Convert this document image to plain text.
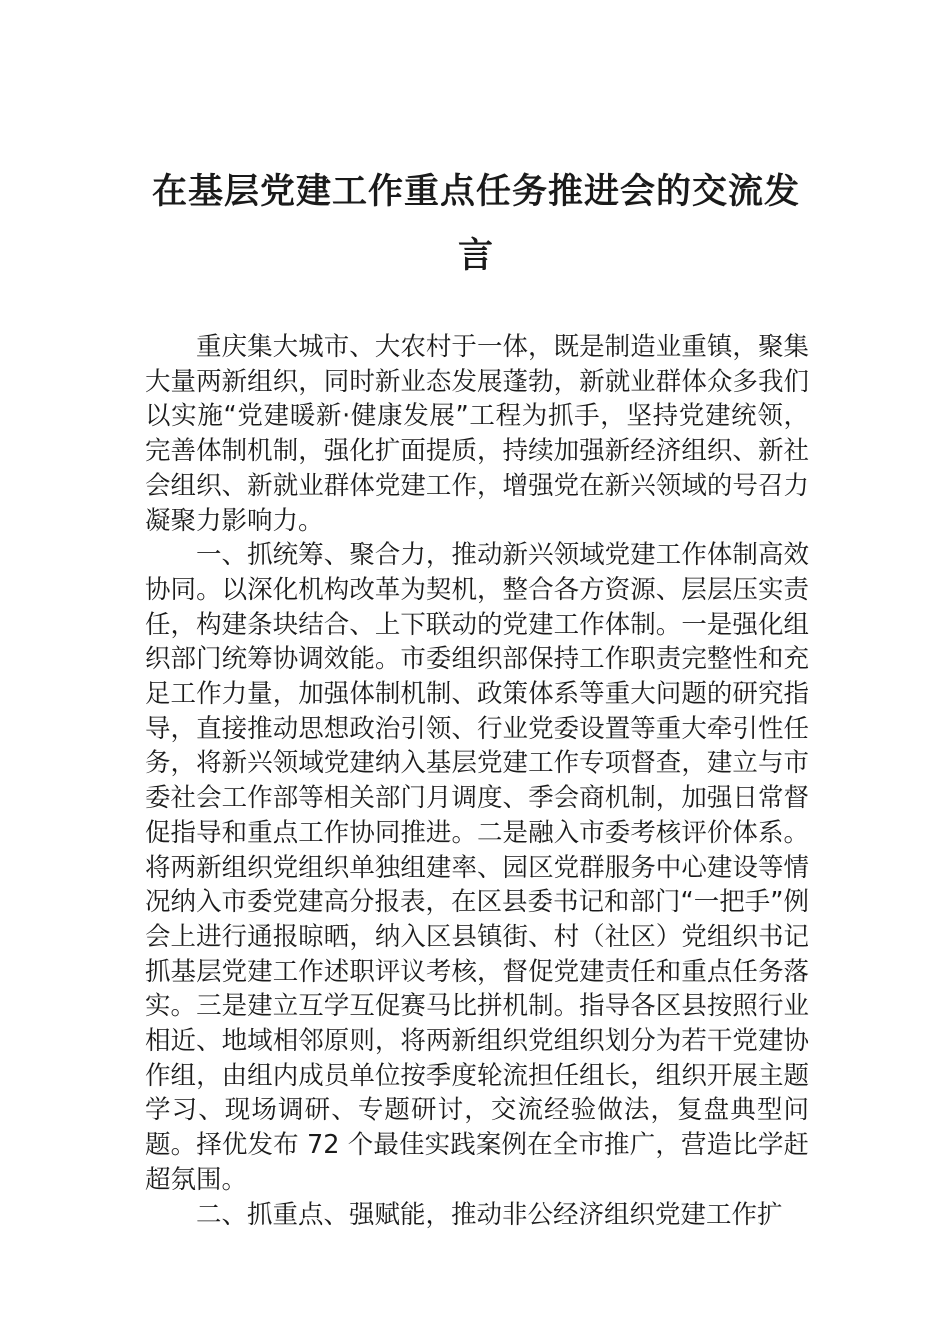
在基层党建工作重点任务推进会的交流发言

重庆集大城市、大农村于一体，既是制造业重镇，聚集大量两新组织，同时新业态发展蓬勃，新就业群体众多我们以实施“党建暖新·健康发展”工程为抓手，坚持党建统领，完善体制机制，强化扩面提质，持续加强新经济组织、新社会组织、新就业群体党建工作，增强党在新兴领域的号召力凝聚力影响力。

一、抓统筹、聚合力，推动新兴领域党建工作体制高效协同。以深化机构改革为契机，整合各方资源、层层压实责任，构建条块结合、上下联动的党建工作体制。一是强化组织部门统筹协调效能。市委组织部保持工作职责完整性和充足工作力量，加强体制机制、政策体系等重大问题的研究指导，直接推动思想政治引领、行业党委设置等重大牵引性任务，将新兴领域党建纳入基层党建工作专项督查，建立与市委社会工作部等相关部门月调度、季会商机制，加强日常督促指导和重点工作协同推进。二是融入市委考核评价体系。将两新组织党组织单独组建率、园区党群服务中心建设等情况纳入市委党建高分报表，在区县委书记和部门“一把手”例会上进行通报晾晒，纳入区县镇街、村（社区）党组织书记抓基层党建工作述职评议考核，督促党建责任和重点任务落实。三是建立互学互促赛马比拼机制。指导各区县按照行业相近、地域相邻原则，将两新组织党组织划分为若干党建协作组，由组内成员单位按季度轮流担任组长，组织开展主题学习、现场调研、专题研讨，交流经验做法，复盘典型问题。择优发布 72 个最佳实践案例在全市推广，营造比学赶超氛围。

二、抓重点、强赋能，推动非公经济组织党建工作扩
